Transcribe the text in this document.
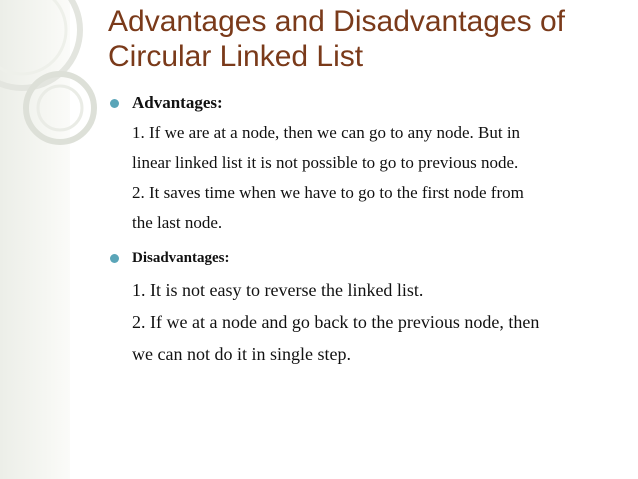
Advantages and Disadvantages of
Circular Linked List
Advantages:
1. If we are at a node, then we can go to any node. But in
linear linked list it is not possible to go to previous node.
2. It saves time when we have to go to the first node from
the last node.
Disadvantages:
1. It is not easy to reverse the linked list.
2. If we at a node and go back to the previous node, then
we can not do it in single step.
